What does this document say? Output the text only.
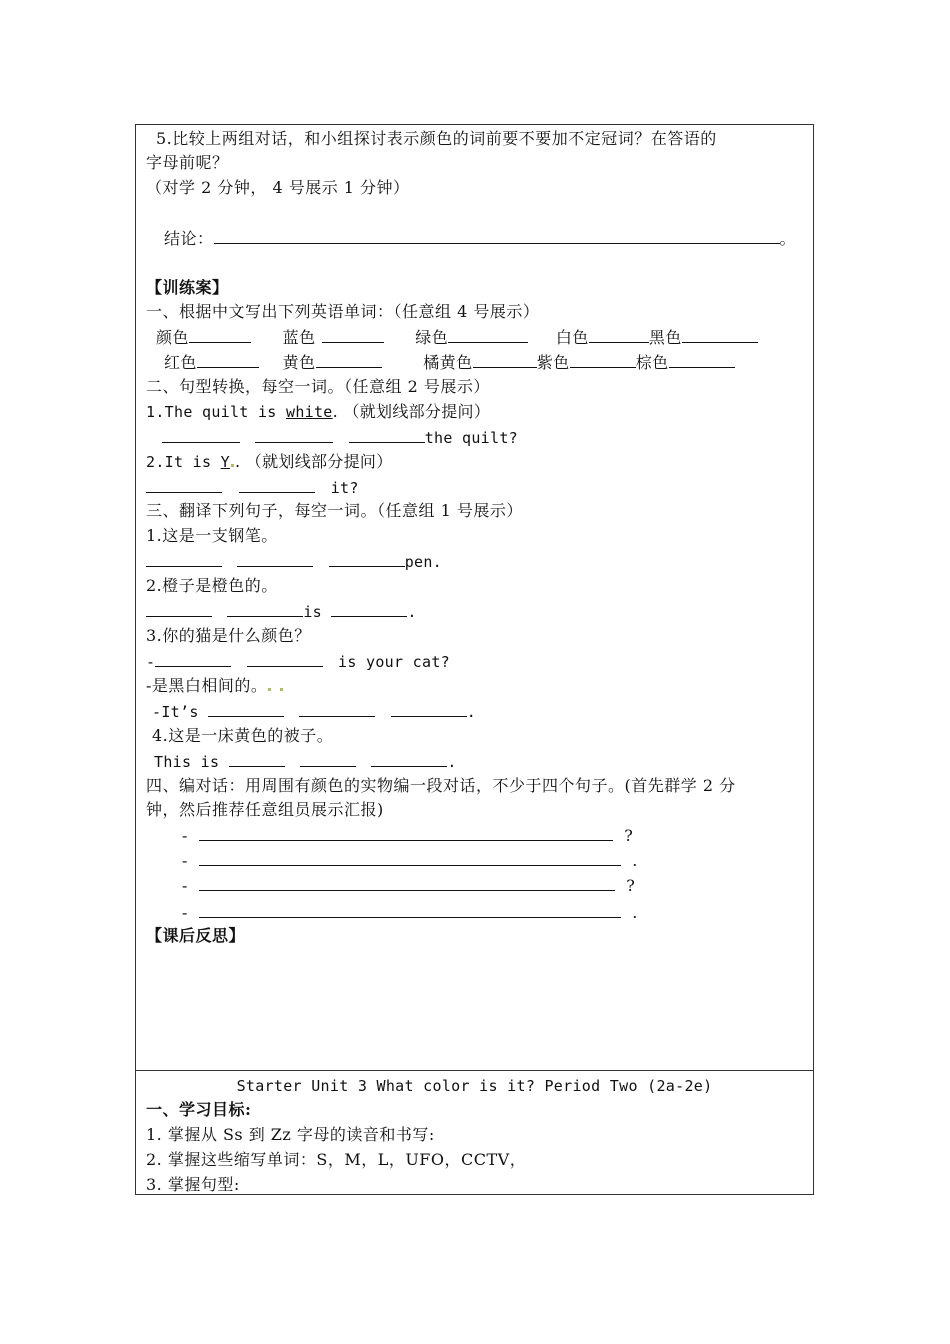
5.比较上两组对话，和小组探讨表示颜色的词前要不要加不定冠词？在答语的
字母前呢？
（对学 2 分钟， 4 号展示 1 分钟）
结论：	。
【训练案】
一、根据中文写出下列英语单词：（任意组 4 号展示）
颜色	蓝色	绿色	白色	黑色
红色	黄色	橘黄色	紫色	棕色
二、句型转换，每空一词。（任意组 2 号展示）
1.The quilt is white. （就划线部分提问）
the quilt?
2.It is Y . （就划线部分提问）
it?
三、翻译下列句子，每空一词。（任意组 1 号展示）
1.这是一支钢笔。
pen.
2.橙子是橙色的。
is	.
3.你的猫是什么颜色？
-	is your cat?
-是黑白相间的。
-It’s	.
4.这是一床黄色的被子。
This is	.
四、编对话：用周围有颜色的实物编一段对话，不少于四个句子。(首先群学 2 分
钟，然后推荐任意组员展示汇报)
-	?
-	.
-	?
-	.
【课后反思】
Starter Unit 3 What color is it? Period Two (2a-2e)
一、学习目标:
1. 掌握从 Ss 到 Zz 字母的读音和书写:
2. 掌握这些缩写单词：S，M，L，UFO，CCTV，
3. 掌握句型:
